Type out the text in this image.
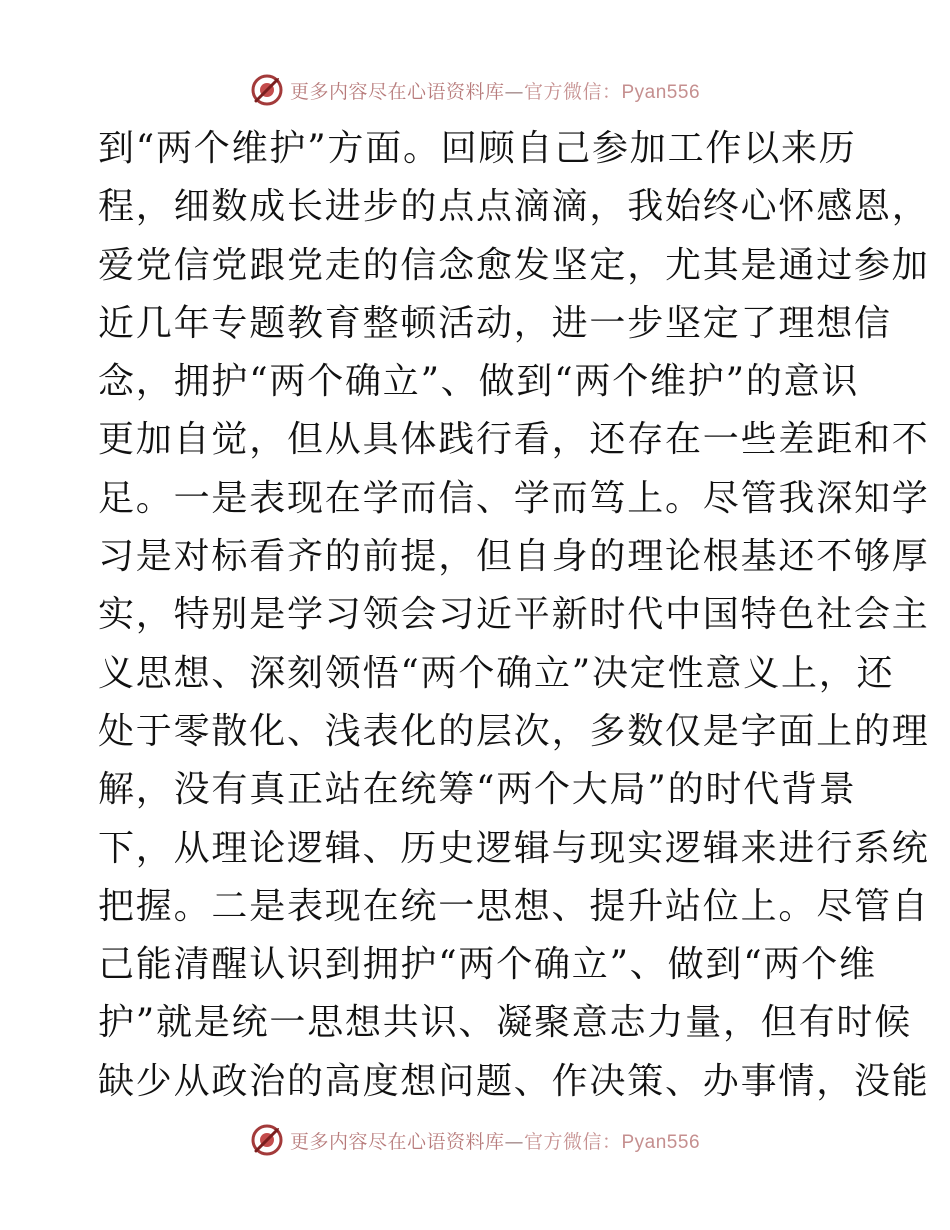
更多内容尽在心语资料库—官方微信：Pyan556
到“两个维护”方面。回顾自己参加工作以来历
程，细数成长进步的点点滴滴，我始终心怀感恩，
爱党信党跟党走的信念愈发坚定，尤其是通过参加
近几年专题教育整顿活动，进一步坚定了理想信
念，拥护“两个确立”、做到“两个维护”的意识
更加自觉，但从具体践行看，还存在一些差距和不
足。一是表现在学而信、学而笃上。尽管我深知学
习是对标看齐的前提，但自身的理论根基还不够厚
实，特别是学习领会习近平新时代中国特色社会主
义思想、深刻领悟“两个确立”决定性意义上，还
处于零散化、浅表化的层次，多数仅是字面上的理
解，没有真正站在统筹“两个大局”的时代背景
下，从理论逻辑、历史逻辑与现实逻辑来进行系统
把握。二是表现在统一思想、提升站位上。尽管自
己能清醒认识到拥护“两个确立”、做到“两个维
护”就是统一思想共识、凝聚意志力量，但有时候
缺少从政治的高度想问题、作决策、办事情，没能
更多内容尽在心语资料库—官方微信：Pyan556
